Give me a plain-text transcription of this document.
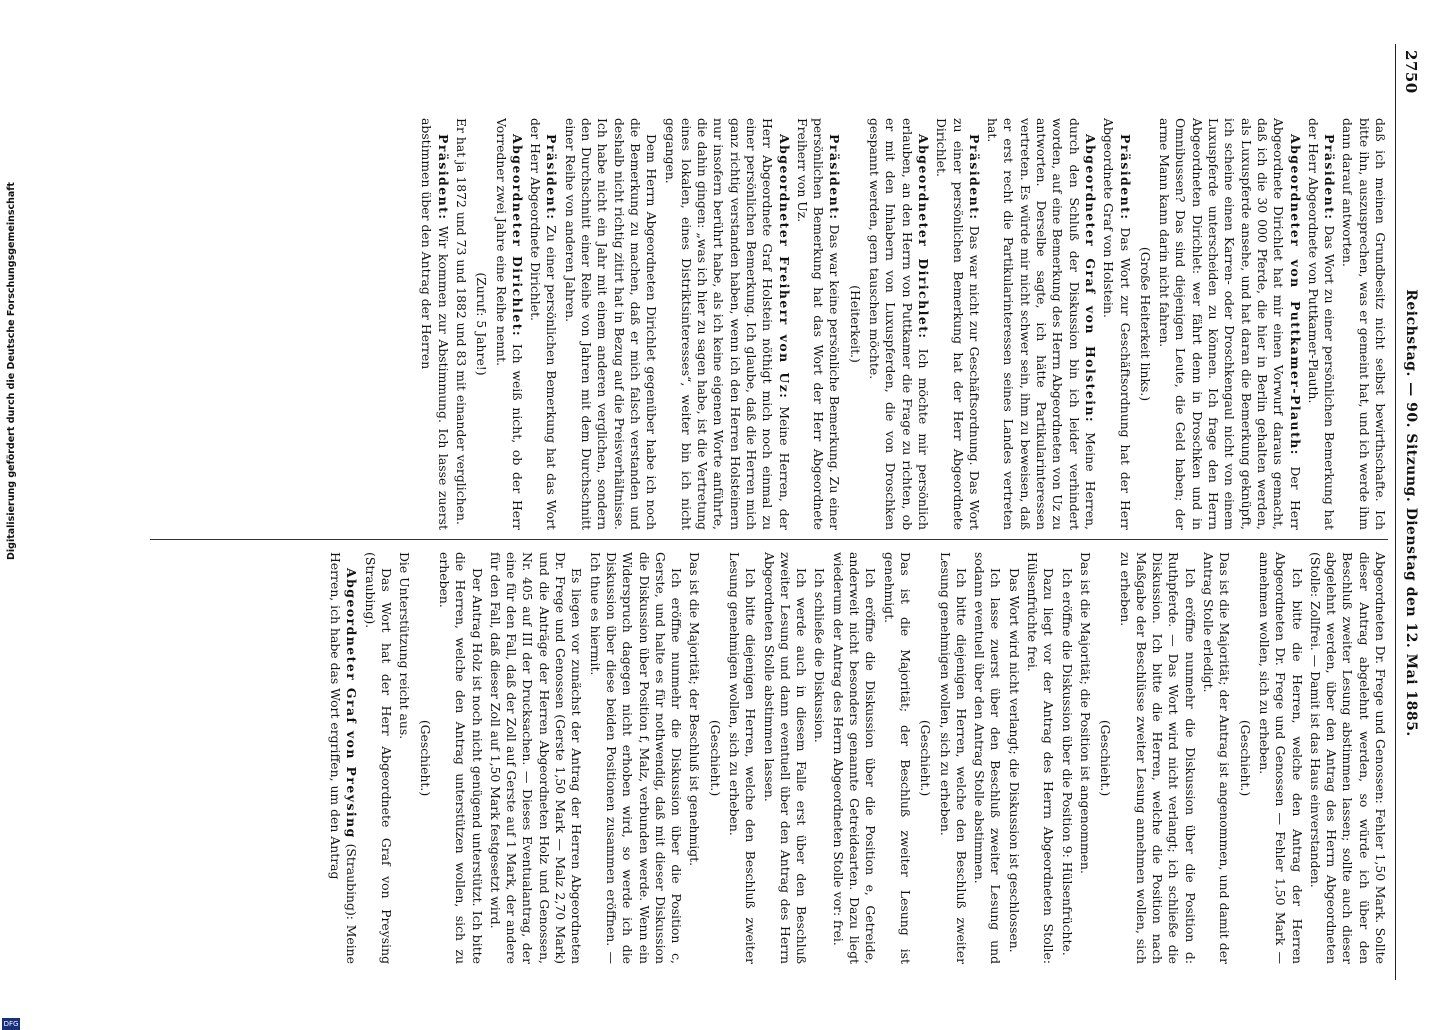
2750
Reichstag. — 90. Sitzung. Dienstag den 12. Mai 1885.

daß ich meinen Grundbesitz nicht selbst bewirthschafte. Ich bitte ihn, auszusprechen, was er gemeint hat, und ich werde ihm dann darauf antworten.

Präsident: Das Wort zu einer persönlichen Bemerkung hat der Herr Abgeordnete von Puttkamer-Plauth.

Abgeordneter von Puttkamer-Plauth: Der Herr Abgeordnete Dirichlet hat mir einen Vorwurf daraus gemacht, daß ich die 30 000 Pferde, die hier in Berlin gehalten werden, als Luxuspferde ansehe, und hat daran die Bemerkung geknüpft, ich scheine einen Karren- oder Droschkengaul nicht von einem Luxuspferde unterscheiden zu können. Ich frage den Herrn Abgeordneten Dirichlet: wer fährt denn in Droschken und in Omnibussen? Das sind diejenigen Leute, die Geld haben; der arme Mann kann darin nicht fahren.

(Große Heiterkeit links.)

Präsident: Das Wort zur Geschäftsordnung hat der Herr Abgeordnete Graf von Holstein.

Abgeordneter Graf von Holstein: Meine Herren, durch den Schluß der Diskussion bin ich leider verhindert worden, auf eine Bemerkung des Herrn Abgeordneten von Uz zu antworten. Derselbe sagte, ich hätte Partikularinteressen vertreten. Es würde mir nicht schwer sein, ihm zu beweisen, daß er erst recht die Partikularinteressen seines Landes vertreten hat.

Präsident: Das war nicht zur Geschäftsordnung. Das Wort zu einer persönlichen Bemerkung hat der Herr Abgeordnete Dirichlet.

Abgeordneter Dirichlet: Ich möchte mir persönlich erlauben, an den Herrn von Puttkamer die Frage zu richten, ob er mit den Inhabern von Luxuspferden, die von Droschken gespannt werden, gern tauschen möchte.

(Heiterkeit.)

Präsident: Das war keine persönliche Bemerkung. Zu einer persönlichen Bemerkung hat das Wort der Herr Abgeordnete Freiherr von Uz.

Abgeordneter Freiherr von Uz: Meine Herren, der Herr Abgeordnete Graf Holstein nöthigt mich noch einmal zu einer persönlichen Bemerkung. Ich glaube, daß die Herren mich ganz richtig verstanden haben, wenn ich den Herren Holsteinern nur insofern berührt habe, als ich keine eigenen Worte anführte, die dahin gingen: „was ich hier zu sagen habe, ist die Vertretung eines lokalen, eines Distriktsinteresses“, weiter bin ich nicht gegangen.

Dem Herrn Abgeordneten Dirichlet gegenüber habe ich noch die Bemerkung zu machen, daß er mich falsch verstanden und deshalb nicht richtig zitirt hat in Bezug auf die Preisverhältnisse. Ich habe nicht ein Jahr mit einem anderen verglichen, sondern den Durchschnitt einer Reihe von Jahren mit dem Durchschnitt einer Reihe von anderen Jahren.

Präsident: Zu einer persönlichen Bemerkung hat das Wort der Herr Abgeordnete Dirichlet.

Abgeordneter Dirichlet: Ich weiß nicht, ob der Herr Vorredner zwei Jahre eine Reihe nennt.

(Zuruf: 5 Jahre!)

Er hat ja 1872 und 73 und 1882 und 83 mit einander verglichen.

Präsident: Wir kommen zur Abstimmung. Ich lasse zuerst abstimmen über den Antrag der Herren

Abgeordneten Dr. Frege und Genossen: Fehler 1,50 Mark. Sollte dieser Antrag abgelehnt werden, so würde ich über den Beschluß zweiter Lesung abstimmen lassen; sollte auch dieser abgelehnt werden, über den Antrag des Herrn Abgeordneten (Stolle: Zollfrei. — Damit ist das Haus einverstanden.

Ich bitte die Herren, welche den Antrag der Herren Abgeordneten Dr. Frege und Genossen — Fehler 1,50 Mark — annehmen wollen, sich zu erheben.

(Geschieht.)

Das ist die Majorität; der Antrag ist angenommen, und damit der Antrag Stolle erledigt.

Ich eröffne nunmehr die Diskussion über die Position d: Ruthpferde. — Das Wort wird nicht verlangt; ich schließe die Diskussion. Ich bitte die Herren, welche die Position nach Maßgabe der Beschlüsse zweiter Lesung annehmen wollen, sich zu erheben.

(Geschieht.)

Das ist die Majorität; die Position ist angenommen.

Ich eröffne die Diskussion über die Position 9: Hülsenfrüchte.

Dazu liegt vor der Antrag des Herrn Abgeordneten Stolle: Hülsenfrüchte frei.

Das Wort wird nicht verlangt; die Diskussion ist geschlossen.

Ich lasse zuerst über den Beschluß zweiter Lesung und sodann eventuell über den Antrag Stolle abstimmen.

Ich bitte diejenigen Herren, welche den Beschluß zweiter Lesung genehmigen wollen, sich zu erheben.

(Geschieht.)

Das ist die Majorität; der Beschluß zweiter Lesung ist genehmigt.

Ich eröffne die Diskussion über die Position e, Getreide, anderweit nicht besonders genannte Getreidearten. Dazu liegt wiederum der Antrag des Herrn Abgeordneten Stolle vor: frei.

Ich schließe die Diskussion.

Ich werde auch in diesem Falle erst über den Beschluß zweiter Lesung und dann eventuell über den Antrag des Herrn Abgeordneten Stolle abstimmen lassen.

Ich bitte diejenigen Herren, welche den Beschluß zweiter Lesung genehmigen wollen, sich zu erheben.

(Geschieht.)

Das ist die Majorität; der Beschluß ist genehmigt.

Ich eröffne nunmehr die Diskussion über die Position c, Gerste, und halte es für nothwendig, daß mit dieser Diskussion die Diskussion über Position f, Malz, verbunden werde. Wenn ein Widerspruch dagegen nicht erhoben wird, so werde ich die Diskussion über diese beiden Positionen zusammen eröffnen. — Ich thue es hiermit.

Es liegen vor zunächst der Antrag der Herren Abgeordneten Dr. Frege und Genossen (Gerste 1,50 Mark — Malz 2,70 Mark) und die Anträge der Herren Abgeordneten Holz und Genossen, Nr. 405 auf III der Drucksachen. — Dieses Eventualantrag, der eine für den Fall, daß der Zoll auf Gerste auf 1 Mark, der andere für den Fall, daß dieser Zoll auf 1,50 Mark festgesetzt wird.

Der Antrag Holz ist noch nicht genügend unterstützt. Ich bitte die Herren, welche den Antrag unterstützen wollen, sich zu erheben.

(Geschieht.)

Die Unterstützung reicht aus.

Das Wort hat der Herr Abgeordnete Graf von Preysing (Straubing).

Abgeordneter Graf von Preysing (Straubing): Meine Herren, ich habe das Wort ergriffen, um den Antrag

Digitalisierung gefördert durch die Deutsche Forschungsgemeinschaft
DFG
